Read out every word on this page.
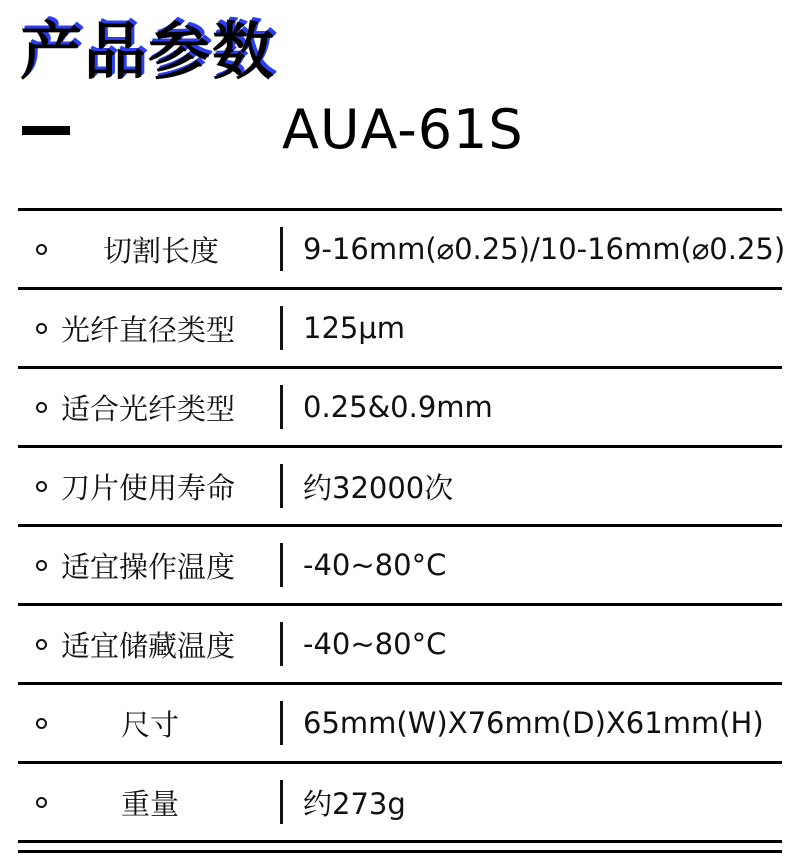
产品参数
AUA-61S
切割长度	9-16mm(⌀0.25)/10-16mm(⌀0.25)
光纤直径类型 125μm
适合光纤类型 0.25&0.9mm
刀片使用寿命 约32000次
适宜操作温度 -40~80°C
适宜储藏温度 -40~80°C
尺寸	65mm(W)X76mm(D)X61mm(H)
重量	约273g
